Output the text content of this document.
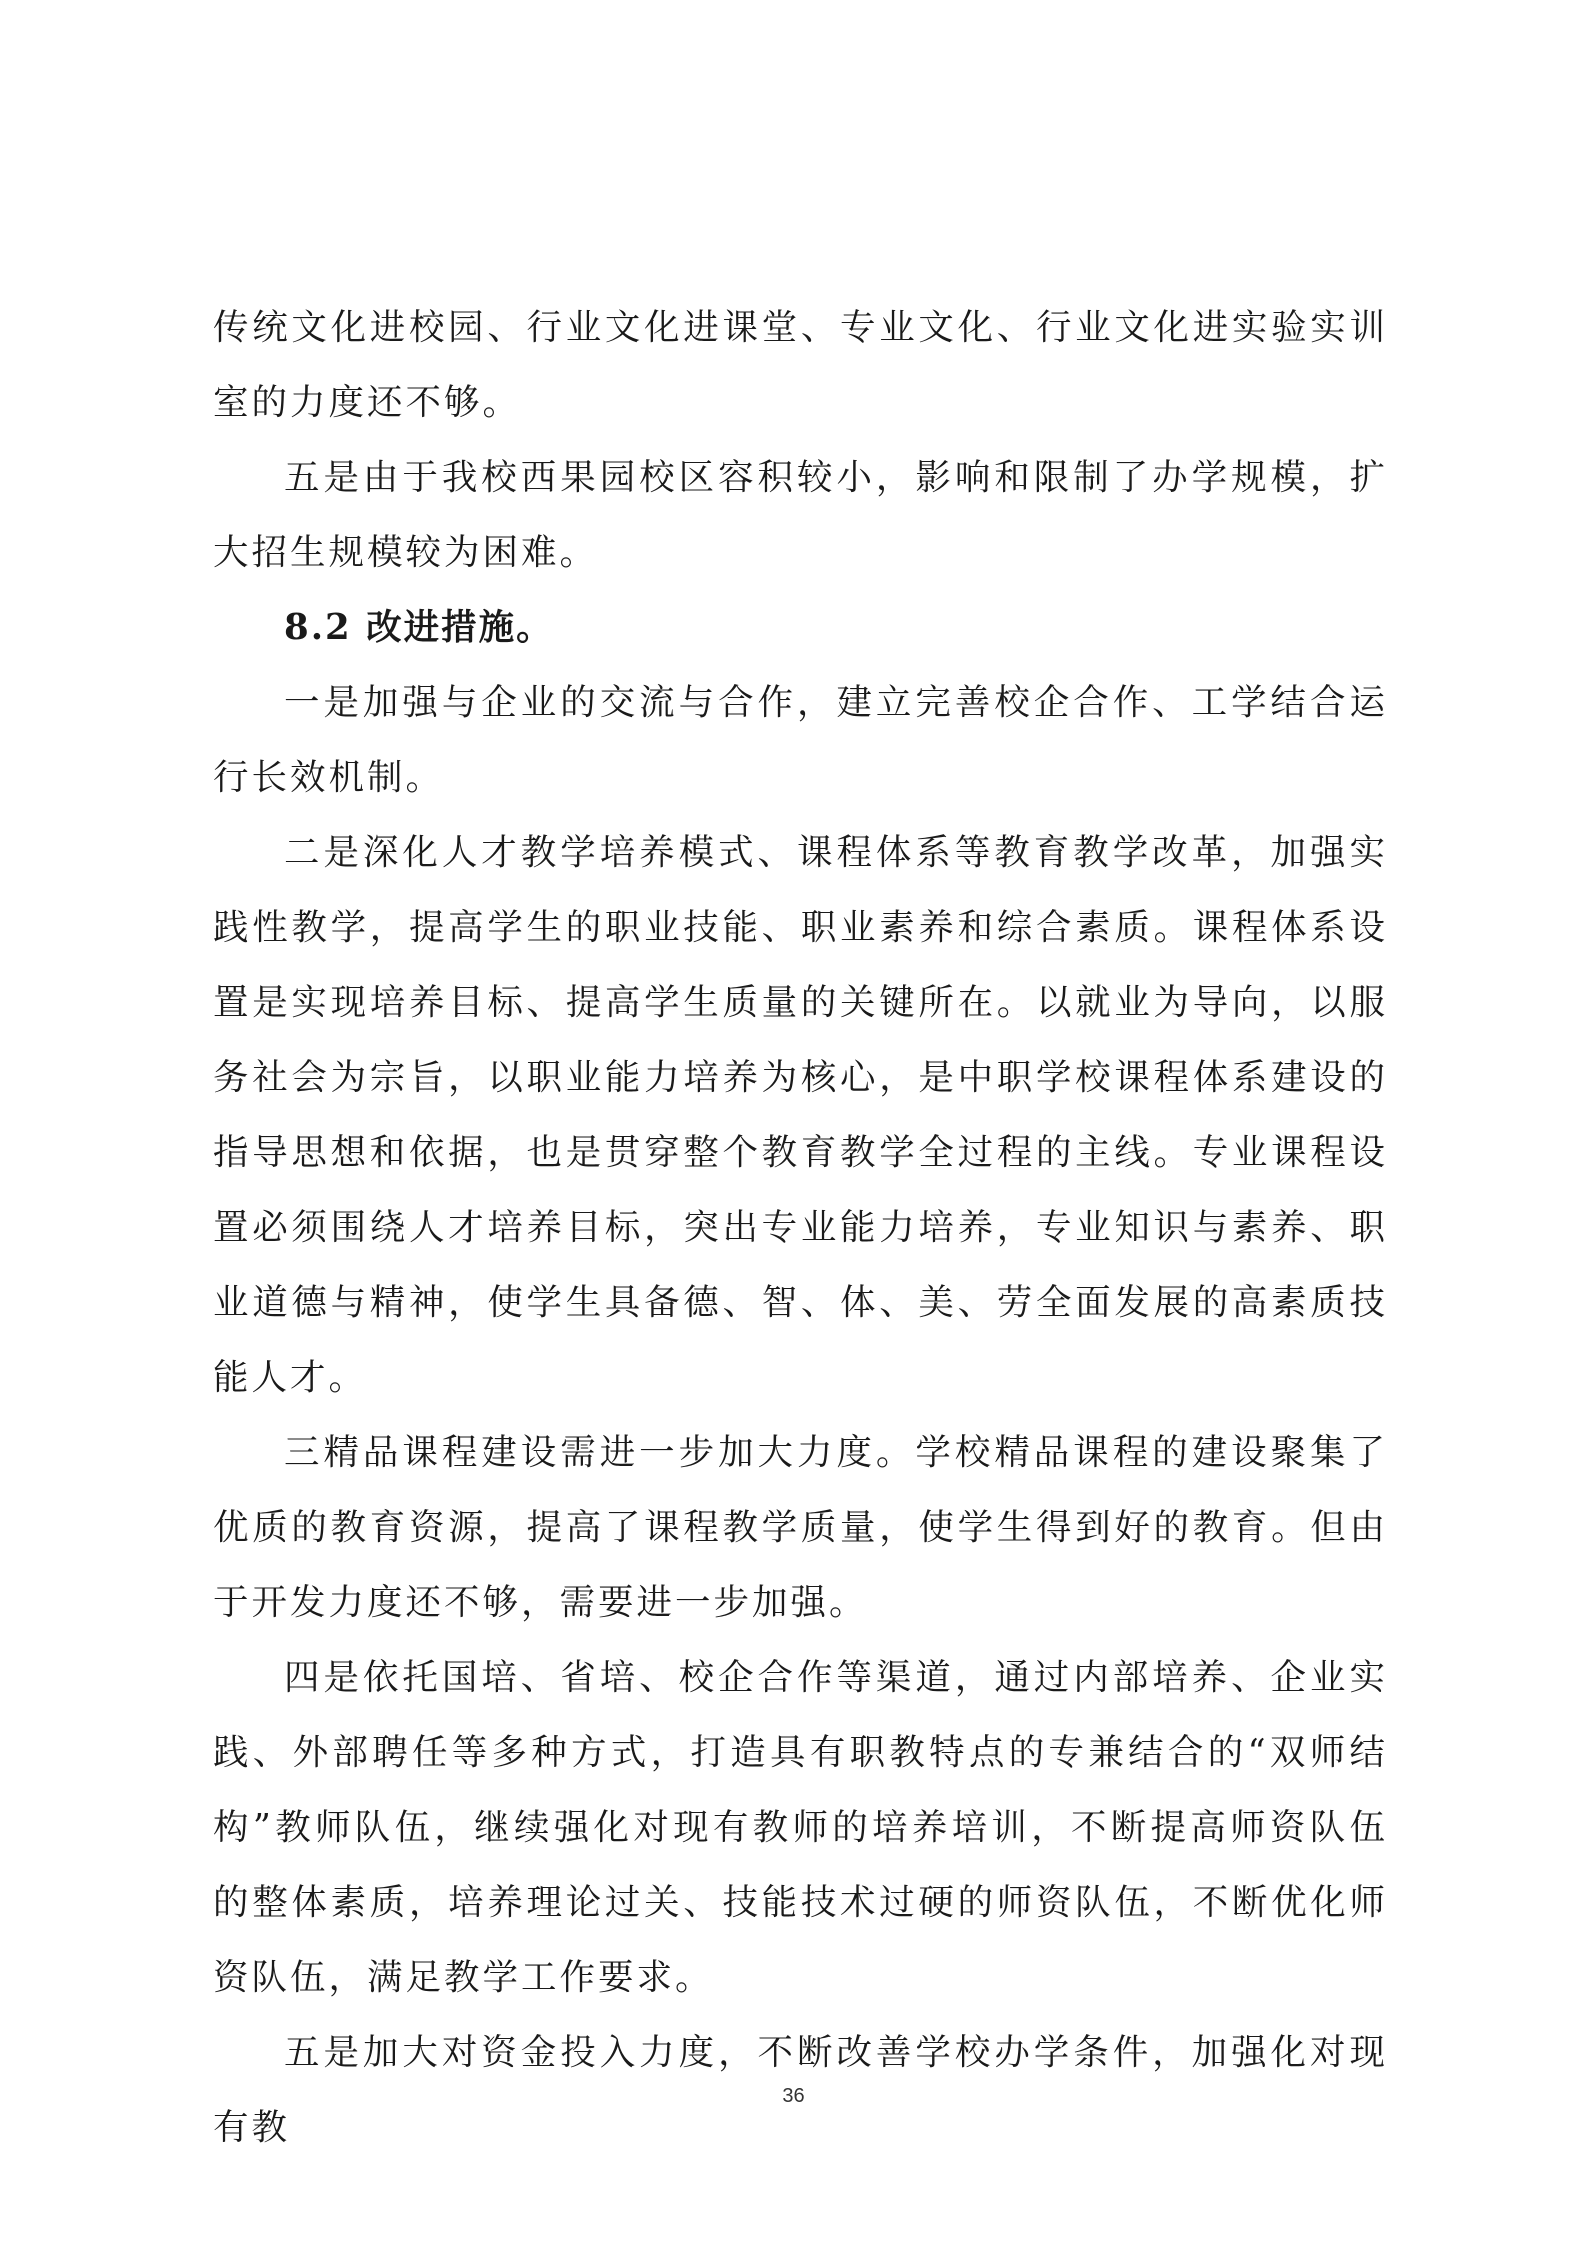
传统文化进校园、行业文化进课堂、专业文化、行业文化进实验实训室的力度还不够。

五是由于我校西果园校区容积较小，影响和限制了办学规模，扩大招生规模较为困难。

8.2 改进措施。

一是加强与企业的交流与合作，建立完善校企合作、工学结合运行长效机制。

二是深化人才教学培养模式、课程体系等教育教学改革，加强实践性教学，提高学生的职业技能、职业素养和综合素质。课程体系设置是实现培养目标、提高学生质量的关键所在。以就业为导向，以服务社会为宗旨，以职业能力培养为核心，是中职学校课程体系建设的指导思想和依据，也是贯穿整个教育教学全过程的主线。专业课程设置必须围绕人才培养目标，突出专业能力培养，专业知识与素养、职业道德与精神，使学生具备德、智、体、美、劳全面发展的高素质技能人才。

三精品课程建设需进一步加大力度。学校精品课程的建设聚集了优质的教育资源，提高了课程教学质量，使学生得到好的教育。但由于开发力度还不够，需要进一步加强。

四是依托国培、省培、校企合作等渠道，通过内部培养、企业实践、外部聘任等多种方式，打造具有职教特点的专兼结合的“双师结构”教师队伍，继续强化对现有教师的培养培训，不断提高师资队伍的整体素质，培养理论过关、技能技术过硬的师资队伍，不断优化师资队伍，满足教学工作要求。

五是加大对资金投入力度，不断改善学校办学条件，加强化对现有教

36
